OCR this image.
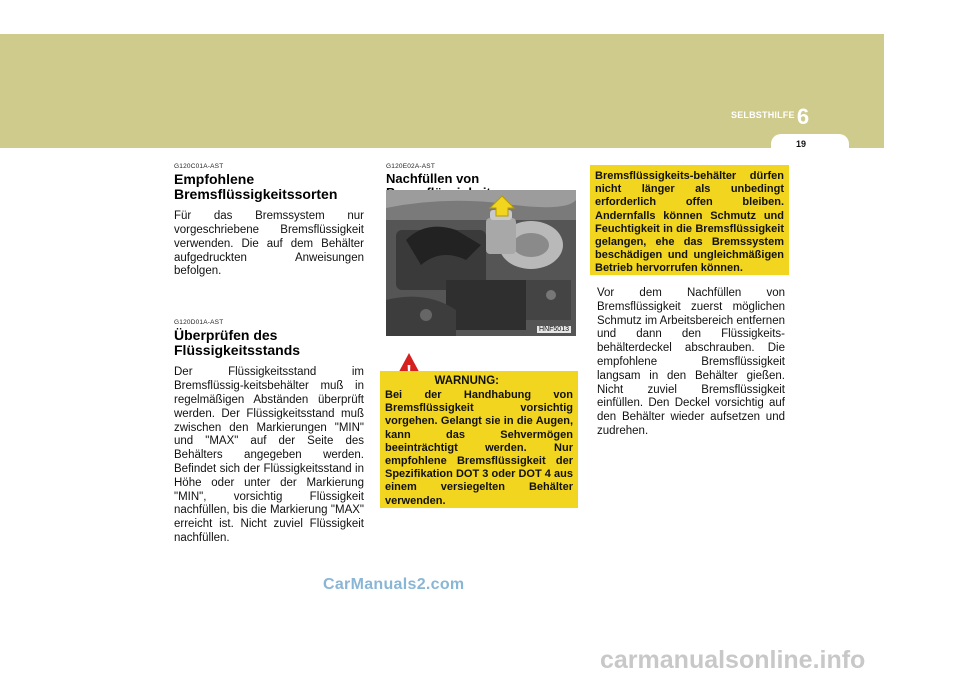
SELBSTHILFE 6
19
G120C01A-AST
Empfohlene Bremsflüssigkeitssorten
Für das Bremssystem nur vorgeschriebene Bremsflüssigkeit verwenden. Die auf dem Behälter aufgedruckten Anweisungen befolgen.
G120D01A-AST
Überprüfen des Flüssigkeitsstands
Der Flüssigkeitsstand im Bremsflüssig-keitsbehälter muß in regelmäßigen Abständen überprüft werden. Der Flüssigkeitsstand muß zwischen den Markierungen "MIN" und "MAX" auf der Seite des Behälters angegeben werden. Befindet sich der Flüssigkeitsstand in Höhe oder unter der Markierung "MIN", vorsichtig Flüssigkeit nachfüllen, bis die Markierung "MAX" erreicht ist. Nicht zuviel Flüssigkeit nachfüllen.
G120E02A-AST
Nachfüllen von
HNF5013
WARNUNG:
Bei der Handhabung von Bremsflüssigkeit vorsichtig vorgehen. Gelangt sie in die Augen, kann das Sehvermögen beeinträchtigt werden. Nur empfohlene Bremsflüssigkeit der Spezifikation DOT 3 oder DOT 4 aus einem versiegelten Behälter verwenden.
Bremsflüssigkeits-behälter dürfen nicht länger als unbedingt erforderlich offen bleiben. Andernfalls können Schmutz und Feuchtigkeit in die Bremsflüssigkeit gelangen, ehe das Bremssystem beschädigen und ungleichmäßigen Betrieb hervorrufen können.
Vor dem Nachfüllen von Bremsflüssigkeit zuerst möglichen Schmutz im Arbeitsbereich entfernen und dann den Flüssigkeits-behälterdeckel abschrauben. Die empfohlene Bremsflüssigkeit langsam in den Behälter gießen. Nicht zuviel Bremsflüssigkeit einfüllen. Den Deckel vorsichtig auf den Behälter wieder aufsetzen und zudrehen.
CarManuals2.com
carmanualsonline.info
